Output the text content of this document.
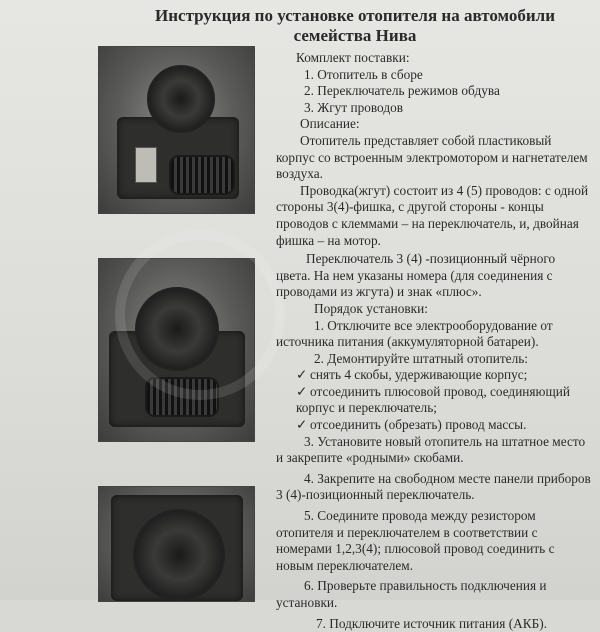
Инструкция по установке отопителя на автомобили семейства Нива

Комплект поставки:

1. Отопитель в сборе

2. Переключатель режимов обдува

3. Жгут проводов

Описание:

Отопитель представляет собой пластиковый корпус со встроенным электромотором и нагнетателем воздуха.

Проводка(жгут) состоит из 4 (5) проводов: с одной стороны 3(4)-фишка, с другой стороны - концы проводов с клеммами – на переключатель, и, двойная фишка – на мотор.

Переключатель 3 (4) -позиционный чёрного цвета. На нем указаны номера (для соединения с проводами из жгута) и знак «плюс».

Порядок установки:

1. Отключите все электрооборудование от источника питания (аккумуляторной батареи).

2. Демонтируйте штатный отопитель:

✓ снять 4 скобы, удерживающие корпус;

✓ отсоединить плюсовой провод, соединяющий корпус и переключатель;

✓ отсоединить (обрезать) провод массы.

3. Установите новый отопитель на штатное место и закрепите «родными» скобами.

4. Закрепите на свободном месте панели приборов 3 (4)-позиционный переключатель.

5. Соедините провода между резистором отопителя и переключателем в соответствии с номерами 1,2,3(4); плюсовой провод соединить с новым переключателем.

6. Проверьте правильность подключения и установки.

7. Подключите источник питания (АКБ).
